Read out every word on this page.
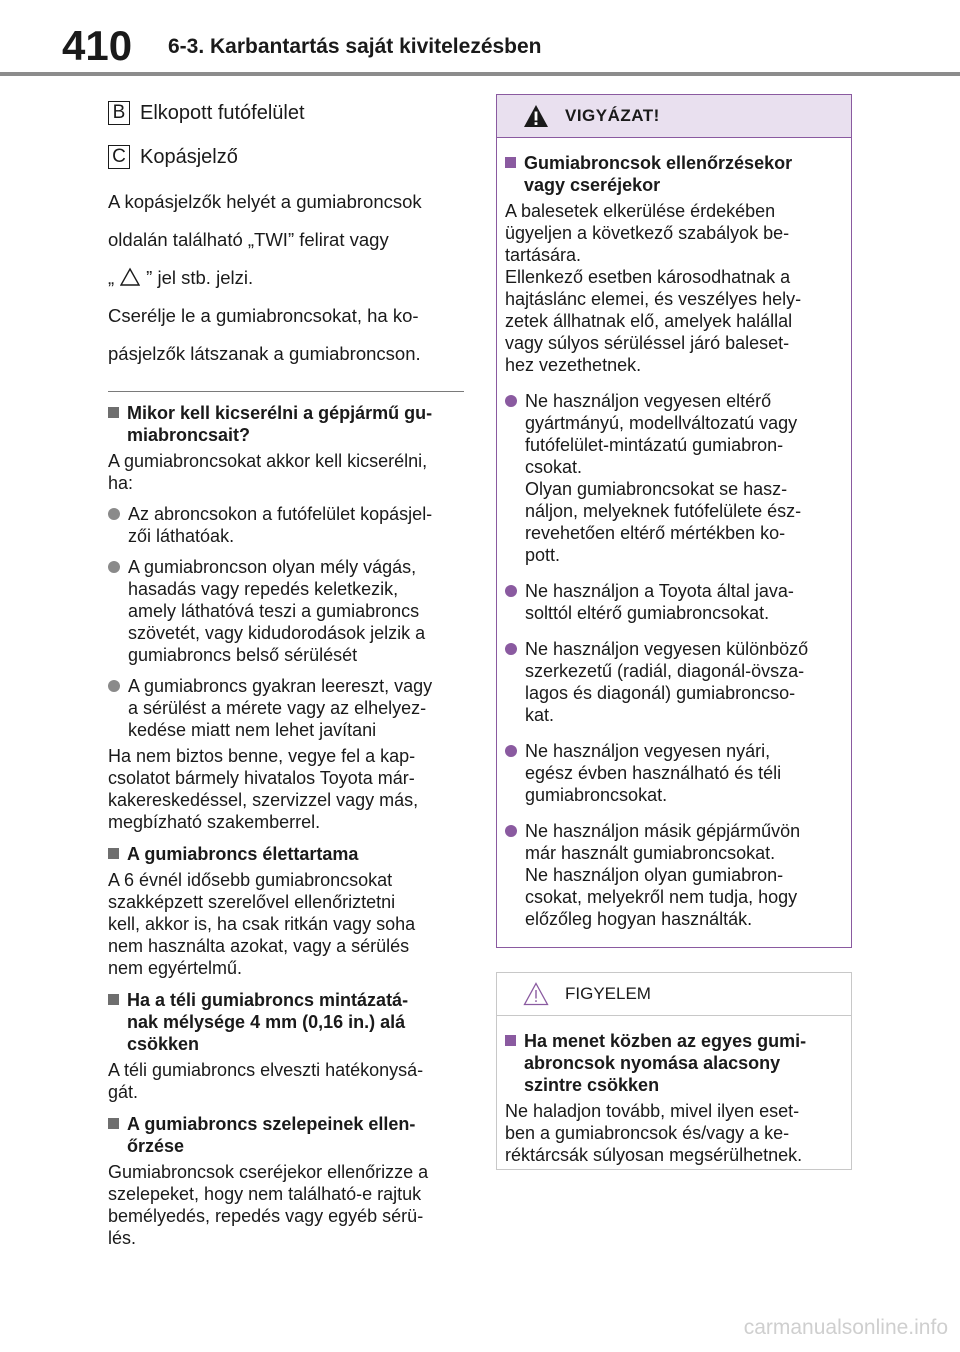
410 6-3. Karbantartás saját kivitelezésben
B Elkopott futófelület
C Kopásjelző

A kopásjelzők helyét a gumiabroncsok

oldalán található „TWI” felirat vagy

„ ” jel stb. jelzi.

Cserélje le a gumiabroncsokat, ha ko-

pásjelzők látszanak a gumiabroncson.

Mikor kell kicserélni a gépjármű gu-
miabroncsait?
A gumiabroncsokat akkor kell kicserélni,
ha:
Az abroncsokon a futófelület kopásjel-
zői láthatóak.
A gumiabroncson olyan mély vágás,
hasadás vagy repedés keletkezik,
amely láthatóvá teszi a gumiabroncs
szövetét, vagy kidudorodások jelzik a
gumiabroncs belső sérülését
A gumiabroncs gyakran leereszt, vagy
a sérülést a mérete vagy az elhelyez-
kedése miatt nem lehet javítani
Ha nem biztos benne, vegye fel a kap-
csolatot bármely hivatalos Toyota már-
kakereskedéssel, szervizzel vagy más,
megbízható szakemberrel.
A gumiabroncs élettartama
A 6 évnél idősebb gumiabroncsokat
szakképzett szerelővel ellenőriztetni
kell, akkor is, ha csak ritkán vagy soha
nem használta azokat, vagy a sérülés
nem egyértelmű.
Ha a téli gumiabroncs mintázatá-
nak mélysége 4 mm (0,16 in.) alá
csökken
A téli gumiabroncs elveszti hatékonysá-
gát.
A gumiabroncs szelepeinek ellen-
őrzése
Gumiabroncsok cseréjekor ellenőrizze a
szelepeket, hogy nem található-e rajtuk
bemélyedés, repedés vagy egyéb sérü-
lés.
VIGYÁZAT!
Gumiabroncsok ellenőrzésekor
vagy cseréjekor
A balesetek elkerülése érdekében
ügyeljen a következő szabályok be-
tartására.
Ellenkező esetben károsodhatnak a
hajtáslánc elemei, és veszélyes hely-
zetek állhatnak elő, amelyek halállal
vagy súlyos sérüléssel járó baleset-
hez vezethetnek.
Ne használjon vegyesen eltérő
gyártmányú, modellváltozatú vagy
futófelület-mintázatú gumiabron-
csokat.
Olyan gumiabroncsokat se hasz-
náljon, melyeknek futófelülete ész-
revehetően eltérő mértékben ko-
pott.
Ne használjon a Toyota által java-
solttól eltérő gumiabroncsokat.
Ne használjon vegyesen különböző
szerkezetű (radiál, diagonál-övsza-
lagos és diagonál) gumiabroncso-
kat.
Ne használjon vegyesen nyári,
egész évben használható és téli
gumiabroncsokat.
Ne használjon másik gépjárművön
már használt gumiabroncsokat.
Ne használjon olyan gumiabron-
csokat, melyekről nem tudja, hogy
előzőleg hogyan használták.
FIGYELEM
Ha menet közben az egyes gumi-
abroncsok nyomása alacsony
szintre csökken
Ne haladjon tovább, mivel ilyen eset-
ben a gumiabroncsok és/vagy a ke-
réktárcsák súlyosan megsérülhetnek.
carmanualsonline.info
